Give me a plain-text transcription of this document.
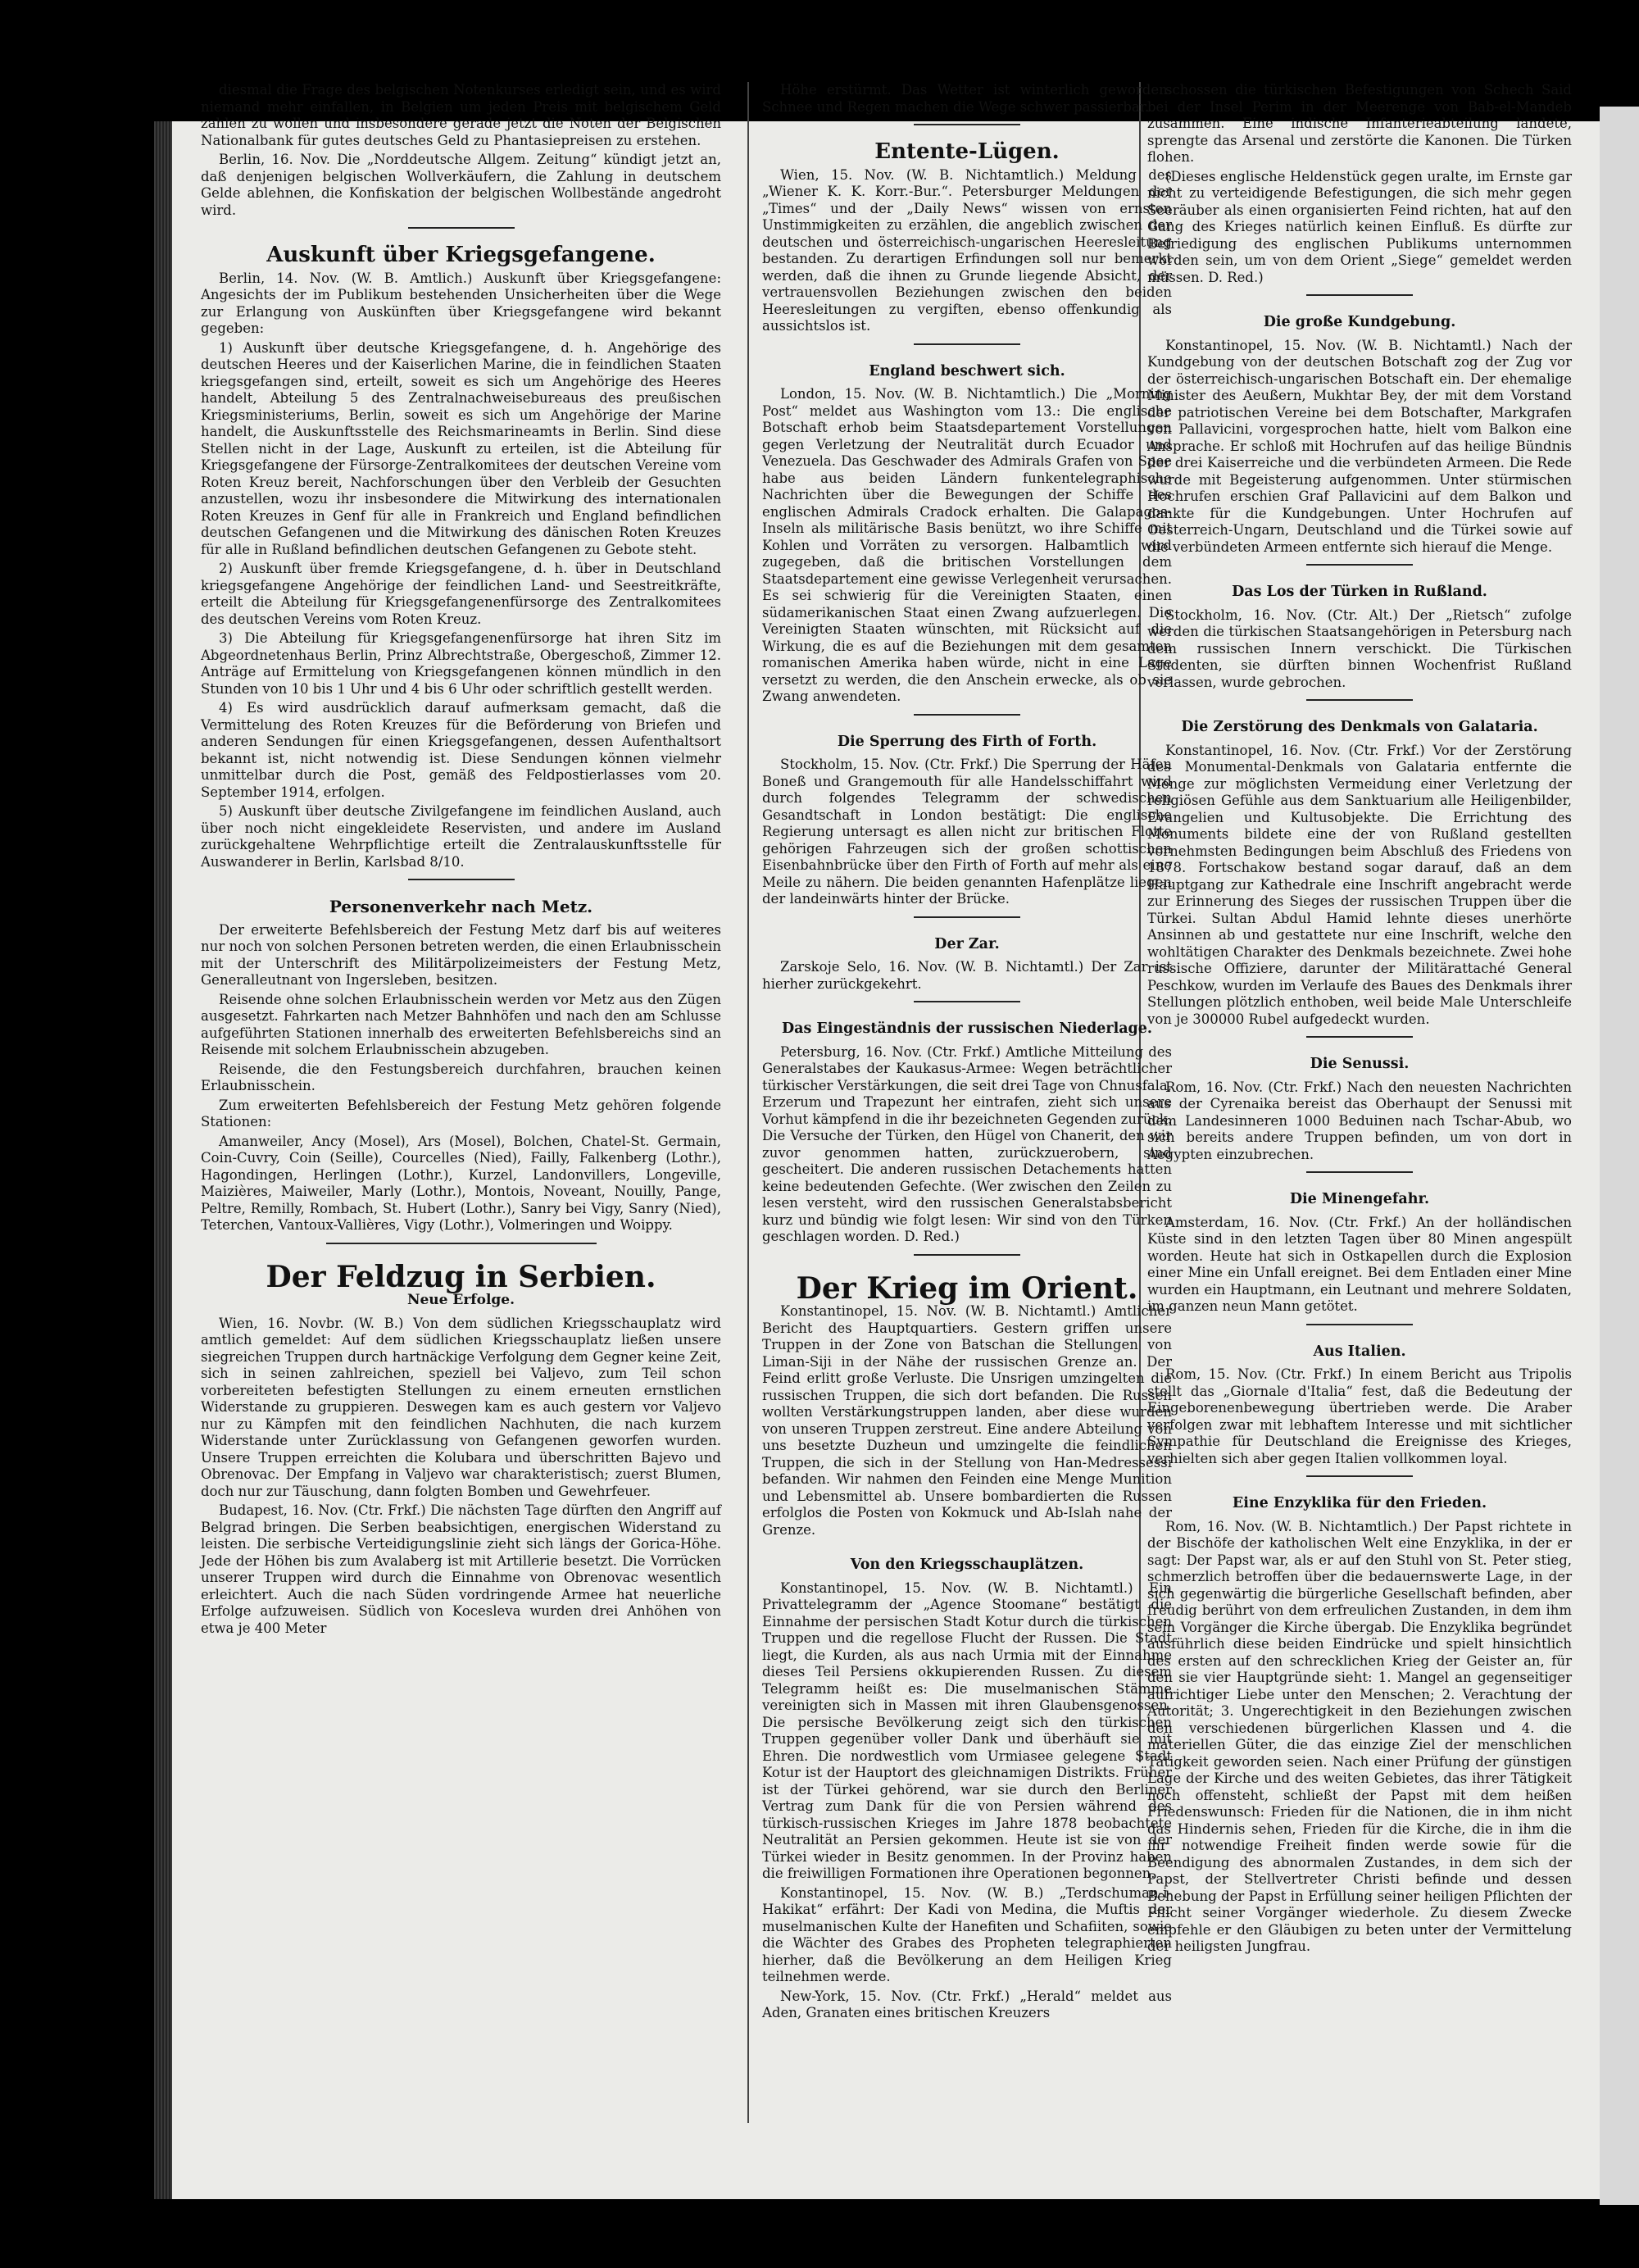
diesmal die Frage des belgischen Notenkurses erledigt sein, und es wird niemand mehr einfallen, in Belgien um jeden Preis mit belgischem Geld zahlen zu wollen und insbesondere gerade jetzt die Noten der Belgischen Nationalbank für gutes deutsches Geld zu Phantasiepreisen zu erstehen.

Berlin, 16. Nov. Die „Norddeutsche Allgem. Zeitung“ kündigt jetzt an, daß denjenigen belgischen Wollverkäufern, die Zahlung in deutschem Gelde ablehnen, die Konfiskation der belgischen Wollbestände angedroht wird.

Auskunft über Kriegsgefangene.

Berlin, 14. Nov. (W. B. Amtlich.) Auskunft über Kriegsgefangene: Angesichts der im Publikum bestehenden Unsicherheiten über die Wege zur Erlangung von Auskünften über Kriegsgefangene wird bekannt gegeben:

1) Auskunft über deutsche Kriegsgefangene, d. h. Angehörige des deutschen Heeres und der Kaiserlichen Marine, die in feindlichen Staaten kriegsgefangen sind, erteilt, soweit es sich um Angehörige des Heeres handelt, Abteilung 5 des Zentralnachweisebureaus des preußischen Kriegsministeriums, Berlin, soweit es sich um Angehörige der Marine handelt, die Auskunftsstelle des Reichsmarineamts in Berlin. Sind diese Stellen nicht in der Lage, Auskunft zu erteilen, ist die Abteilung für Kriegsgefangene der Fürsorge-Zentralkomitees der deutschen Vereine vom Roten Kreuz bereit, Nachforschungen über den Verbleib der Gesuchten anzustellen, wozu ihr insbesondere die Mitwirkung des internationalen Roten Kreuzes in Genf für alle in Frankreich und England befindlichen deutschen Gefangenen und die Mitwirkung des dänischen Roten Kreuzes für alle in Rußland befindlichen deutschen Gefangenen zu Gebote steht.

2) Auskunft über fremde Kriegsgefangene, d. h. über in Deutschland kriegsgefangene Angehörige der feindlichen Land- und Seestreitkräfte, erteilt die Abteilung für Kriegsgefangenenfürsorge des Zentralkomitees des deutschen Vereins vom Roten Kreuz.

3) Die Abteilung für Kriegsgefangenenfürsorge hat ihren Sitz im Abgeordnetenhaus Berlin, Prinz Albrechtstraße, Obergeschoß, Zimmer 12. Anträge auf Ermittelung von Kriegsgefangenen können mündlich in den Stunden von 10 bis 1 Uhr und 4 bis 6 Uhr oder schriftlich gestellt werden.

4) Es wird ausdrücklich darauf aufmerksam gemacht, daß die Vermittelung des Roten Kreuzes für die Beförderung von Briefen und anderen Sendungen für einen Kriegsgefangenen, dessen Aufenthaltsort bekannt ist, nicht notwendig ist. Diese Sendungen können vielmehr unmittelbar durch die Post, gemäß des Feldpostierlasses vom 20. September 1914, erfolgen.

5) Auskunft über deutsche Zivilgefangene im feindlichen Ausland, auch über noch nicht eingekleidete Reservisten, und andere im Ausland zurückgehaltene Wehrpflichtige erteilt die Zentralauskunftsstelle für Auswanderer in Berlin, Karlsbad 8/10.

Personenverkehr nach Metz.

Der erweiterte Befehlsbereich der Festung Metz darf bis auf weiteres nur noch von solchen Personen betreten werden, die einen Erlaubnisschein mit der Unterschrift des Militärpolizeimeisters der Festung Metz, Generalleutnant von Ingersleben, besitzen.

Reisende ohne solchen Erlaubnisschein werden vor Metz aus den Zügen ausgesetzt. Fahrkarten nach Metzer Bahnhöfen und nach den am Schlusse aufgeführten Stationen innerhalb des erweiterten Befehlsbereichs sind an Reisende mit solchem Erlaubnisschein abzugeben.

Reisende, die den Festungsbereich durchfahren, brauchen keinen Erlaubnisschein.

Zum erweiterten Befehlsbereich der Festung Metz gehören folgende Stationen:

Amanweiler, Ancy (Mosel), Ars (Mosel), Bolchen, Chatel-St. Germain, Coin-Cuvry, Coin (Seille), Courcelles (Nied), Failly, Falkenberg (Lothr.), Hagondingen, Herlingen (Lothr.), Kurzel, Landonvillers, Longeville, Maizières, Maiweiler, Marly (Lothr.), Montois, Noveant, Nouilly, Pange, Peltre, Remilly, Rombach, St. Hubert (Lothr.), Sanry bei Vigy, Sanry (Nied), Teterchen, Vantoux-Vallières, Vigy (Lothr.), Volmeringen und Woippy.

Der Feldzug in Serbien.
Neue Erfolge.

Wien, 16. Novbr. (W. B.) Von dem südlichen Kriegsschauplatz wird amtlich gemeldet: Auf dem südlichen Kriegsschauplatz ließen unsere siegreichen Truppen durch hartnäckige Verfolgung dem Gegner keine Zeit, sich in seinen zahlreichen, speziell bei Valjevo, zum Teil schon vorbereiteten befestigten Stellungen zu einem erneuten ernstlichen Widerstande zu gruppieren. Deswegen kam es auch gestern vor Valjevo nur zu Kämpfen mit den feindlichen Nachhuten, die nach kurzem Widerstande unter Zurücklassung von Gefangenen geworfen wurden. Unsere Truppen erreichten die Kolubara und überschritten Bajevo und Obrenovac. Der Empfang in Valjevo war charakteristisch; zuerst Blumen, doch nur zur Täuschung, dann folgten Bomben und Gewehrfeuer.

Budapest, 16. Nov. (Ctr. Frkf.) Die nächsten Tage dürften den Angriff auf Belgrad bringen. Die Serben beabsichtigen, energischen Widerstand zu leisten. Die serbische Verteidigungslinie zieht sich längs der Gorica-Höhe. Jede der Höhen bis zum Avalaberg ist mit Artillerie besetzt. Die Vorrücken unserer Truppen wird durch die Einnahme von Obrenovac wesentlich erleichtert. Auch die nach Süden vordringende Armee hat neuerliche Erfolge aufzuweisen. Südlich von Kocesleva wurden drei Anhöhen von etwa je 400 Meter

Höhe erstürmt. Das Wetter ist winterlich geworden. Schnee und Regen machen die Wege schwer passierbar.

Entente-Lügen.

Wien, 15. Nov. (W. B. Nichtamtlich.) Meldung des „Wiener K. K. Korr.-Bur.“. Petersburger Meldungen der „Times“ und der „Daily News“ wissen von ernsten Unstimmigkeiten zu erzählen, die angeblich zwischen der deutschen und österreichisch-ungarischen Heeresleitung bestanden. Zu derartigen Erfindungen soll nur bemerkt werden, daß die ihnen zu Grunde liegende Absicht, der vertrauensvollen Beziehungen zwischen den beiden Heeresleitungen zu vergiften, ebenso offenkundig als aussichtslos ist.

England beschwert sich.

London, 15. Nov. (W. B. Nichtamtlich.) Die „Morning Post“ meldet aus Washington vom 13.: Die englische Botschaft erhob beim Staatsdepartement Vorstellungen gegen Verletzung der Neutralität durch Ecuador und Venezuela. Das Geschwader des Admirals Grafen von Spee habe aus beiden Ländern funkentelegraphische Nachrichten über die Bewegungen der Schiffe des englischen Admirals Cradock erhalten. Die Galapagos-Inseln als militärische Basis benützt, wo ihre Schiffe mit Kohlen und Vorräten zu versorgen. Halbamtlich wird zugegeben, daß die britischen Vorstellungen dem Staatsdepartement eine gewisse Verlegenheit verursachen. Es sei schwierig für die Vereinigten Staaten, einen südamerikanischen Staat einen Zwang aufzuerlegen. Die Vereinigten Staaten wünschten, mit Rücksicht auf die Wirkung, die es auf die Beziehungen mit dem gesamten romanischen Amerika haben würde, nicht in eine Lage versetzt zu werden, die den Anschein erwecke, als ob sie Zwang anwendeten.

Die Sperrung des Firth of Forth.

Stockholm, 15. Nov. (Ctr. Frkf.) Die Sperrung der Häfen Boneß und Grangemouth für alle Handelsschiffahrt wird durch folgendes Telegramm der schwedischen Gesandtschaft in London bestätigt: Die englische Regierung untersagt es allen nicht zur britischen Flotte gehörigen Fahrzeugen sich der großen schottischen Eisenbahnbrücke über den Firth of Forth auf mehr als eine Meile zu nähern. Die beiden genannten Hafenplätze liegen der landeinwärts hinter der Brücke.

Der Zar.

Zarskoje Selo, 16. Nov. (W. B. Nichtamtl.) Der Zar ist hierher zurückgekehrt.

Das Eingeständnis der russischen Niederlage.

Petersburg, 16. Nov. (Ctr. Frkf.) Amtliche Mitteilung des Generalstabes der Kaukasus-Armee: Wegen beträchtlicher türkischer Verstärkungen, die seit drei Tage von Chnusfala, Erzerum und Trapezunt her eintrafen, zieht sich unsere Vorhut kämpfend in die ihr bezeichneten Gegenden zurück. Die Versuche der Türken, den Hügel von Chanerit, den wir zuvor genommen hatten, zurückzuerobern, sind gescheitert. Die anderen russischen Detachements hatten keine bedeutenden Gefechte. (Wer zwischen den Zeilen zu lesen versteht, wird den russischen Generalstabsbericht kurz und bündig wie folgt lesen: Wir sind von den Türken geschlagen worden. D. Red.)

Der Krieg im Orient.

Konstantinopel, 15. Nov. (W. B. Nichtamtl.) Amtlicher Bericht des Hauptquartiers. Gestern griffen unsere Truppen in der Zone von Batschan die Stellungen von Liman-Siji in der Nähe der russischen Grenze an. Der Feind erlitt große Verluste. Die Unsrigen umzingelten die russischen Truppen, die sich dort befanden. Die Russen wollten Verstärkungstruppen landen, aber diese wurden von unseren Truppen zerstreut. Eine andere Abteilung von uns besetzte Duzheun und umzingelte die feindlichen Truppen, die sich in der Stellung von Han-Medressessi befanden. Wir nahmen den Feinden eine Menge Munition und Lebensmittel ab. Unsere bombardierten die Russen erfolglos die Posten von Kokmuck und Ab-Islah nahe der Grenze.

Von den Kriegsschauplätzen.

Konstantinopel, 15. Nov. (W. B. Nichtamtl.) Ein Privattelegramm der „Agence Stoomane“ bestätigt die Einnahme der persischen Stadt Kotur durch die türkischen Truppen und die regellose Flucht der Russen. Die Stadt liegt, die Kurden, als aus nach Urmia mit der Einnahme dieses Teil Persiens okkupierenden Russen. Zu diesem Telegramm heißt es: Die muselmanischen Stämme vereinigten sich in Massen mit ihren Glaubensgenossen. Die persische Bevölkerung zeigt sich den türkischen Truppen gegenüber voller Dank und überhäuft sie mit Ehren. Die nordwestlich vom Urmiasee gelegene Stadt Kotur ist der Hauptort des gleichnamigen Distrikts. Früher ist der Türkei gehörend, war sie durch den Berliner Vertrag zum Dank für die von Persien während des türkisch-russischen Krieges im Jahre 1878 beobachtete Neutralität an Persien gekommen. Heute ist sie von der Türkei wieder in Besitz genommen. In der Provinz haben die freiwilligen Formationen ihre Operationen begonnen.

Konstantinopel, 15. Nov. (W. B.) „Terdschuman-i-Hakikat“ erfährt: Der Kadi von Medina, die Muftis der muselmanischen Kulte der Hanefiten und Schafiiten, sowie die Wächter des Grabes des Propheten telegraphierten hierher, daß die Bevölkerung an dem Heiligen Krieg teilnehmen werde.

New-York, 15. Nov. (Ctr. Frkf.) „Herald“ meldet aus Aden, Granaten eines britischen Kreuzers

schossen die türkischen Befestigungen von Schech Said bei der Insel Perim in der Meerenge von Bab-el-Mandeb zusammen. Eine indische Infanterieabteilung landete, sprengte das Arsenal und zerstörte die Kanonen. Die Türken flohen.

(Dieses englische Heldenstück gegen uralte, im Ernste gar nicht zu verteidigende Befestigungen, die sich mehr gegen Seeräuber als einen organisierten Feind richten, hat auf den Gang des Krieges natürlich keinen Einfluß. Es dürfte zur Befriedigung des englischen Publikums unternommen worden sein, um von dem Orient „Siege“ gemeldet werden müssen. D. Red.)

Die große Kundgebung.

Konstantinopel, 15. Nov. (W. B. Nichtamtl.) Nach der Kundgebung von der deutschen Botschaft zog der Zug vor der österreichisch-ungarischen Botschaft ein. Der ehemalige Minister des Aeußern, Mukhtar Bey, der mit dem Vorstand der patriotischen Vereine bei dem Botschafter, Markgrafen von Pallavicini, vorgesprochen hatte, hielt vom Balkon eine Ansprache. Er schloß mit Hochrufen auf das heilige Bündnis der drei Kaiserreiche und die verbündeten Armeen. Die Rede wurde mit Begeisterung aufgenommen. Unter stürmischen Hochrufen erschien Graf Pallavicini auf dem Balkon und dankte für die Kundgebungen. Unter Hochrufen auf Oesterreich-Ungarn, Deutschland und die Türkei sowie auf die verbündeten Armeen entfernte sich hierauf die Menge.

Das Los der Türken in Rußland.

Stockholm, 16. Nov. (Ctr. Alt.) Der „Rietsch“ zufolge werden die türkischen Staatsangehörigen in Petersburg nach dem russischen Innern verschickt. Die Türkischen Studenten, sie dürften binnen Wochenfrist Rußland verlassen, wurde gebrochen.

Die Zerstörung des Denkmals von Galataria.

Konstantinopel, 16. Nov. (Ctr. Frkf.) Vor der Zerstörung des Monumental-Denkmals von Galataria entfernte die Menge zur möglichsten Vermeidung einer Verletzung der religiösen Gefühle aus dem Sanktuarium alle Heiligenbilder, Evangelien und Kultusobjekte. Die Errichtung des Monuments bildete eine der von Rußland gestellten vornehmsten Bedingungen beim Abschluß des Friedens von 1878. Fortschakow bestand sogar darauf, daß an dem Hauptgang zur Kathedrale eine Inschrift angebracht werde zur Erinnerung des Sieges der russischen Truppen über die Türkei. Sultan Abdul Hamid lehnte dieses unerhörte Ansinnen ab und gestattete nur eine Inschrift, welche den wohltätigen Charakter des Denkmals bezeichnete. Zwei hohe russische Offiziere, darunter der Militärattaché General Peschkow, wurden im Verlaufe des Baues des Denkmals ihrer Stellungen plötzlich enthoben, weil beide Male Unterschleife von je 300000 Rubel aufgedeckt wurden.

Die Senussi.

Rom, 16. Nov. (Ctr. Frkf.) Nach den neuesten Nachrichten aus der Cyrenaika bereist das Oberhaupt der Senussi mit dem Landesinneren 1000 Beduinen nach Tschar-Abub, wo sich bereits andere Truppen befinden, um von dort in Aegypten einzubrechen.

Die Minengefahr.

Amsterdam, 16. Nov. (Ctr. Frkf.) An der holländischen Küste sind in den letzten Tagen über 80 Minen angespült worden. Heute hat sich in Ostkapellen durch die Explosion einer Mine ein Unfall ereignet. Bei dem Entladen einer Mine wurden ein Hauptmann, ein Leutnant und mehrere Soldaten, im ganzen neun Mann getötet.

Aus Italien.

Rom, 15. Nov. (Ctr. Frkf.) In einem Bericht aus Tripolis stellt das „Giornale d'Italia“ fest, daß die Bedeutung der Eingeborenenbewegung übertrieben werde. Die Araber verfolgen zwar mit lebhaftem Interesse und mit sichtlicher Sympathie für Deutschland die Ereignisse des Krieges, verhielten sich aber gegen Italien vollkommen loyal.

Eine Enzyklika für den Frieden.

Rom, 16. Nov. (W. B. Nichtamtlich.) Der Papst richtete in der Bischöfe der katholischen Welt eine Enzyklika, in der er sagt: Der Papst war, als er auf den Stuhl von St. Peter stieg, schmerzlich betroffen über die bedauernswerte Lage, in der sich gegenwärtig die bürgerliche Gesellschaft befinden, aber freudig berührt von dem erfreulichen Zustanden, in dem ihm sein Vorgänger die Kirche übergab. Die Enzyklika begründet ausführlich diese beiden Eindrücke und spielt hinsichtlich des ersten auf den schrecklichen Krieg der Geister an, für den sie vier Hauptgründe sieht: 1. Mangel an gegenseitiger aufrichtiger Liebe unter den Menschen; 2. Verachtung der Autorität; 3. Ungerechtigkeit in den Beziehungen zwischen den verschiedenen bürgerlichen Klassen und 4. die materiellen Güter, die das einzige Ziel der menschlichen Tätigkeit geworden seien. Nach einer Prüfung der günstigen Lage der Kirche und des weiten Gebietes, das ihrer Tätigkeit noch offensteht, schließt der Papst mit dem heißen Friedenswunsch: Frieden für die Nationen, die in ihm nicht das Hindernis sehen, Frieden für die Kirche, die in ihm die ihr notwendige Freiheit finden werde sowie für die Beendigung des abnormalen Zustandes, in dem sich der Papst, der Stellvertreter Christi befinde und dessen Behebung der Papst in Erfüllung seiner heiligen Pflichten der Pflicht seiner Vorgänger wiederhole. Zu diesem Zwecke empfehle er den Gläubigen zu beten unter der Vermittelung der heiligsten Jungfrau.
